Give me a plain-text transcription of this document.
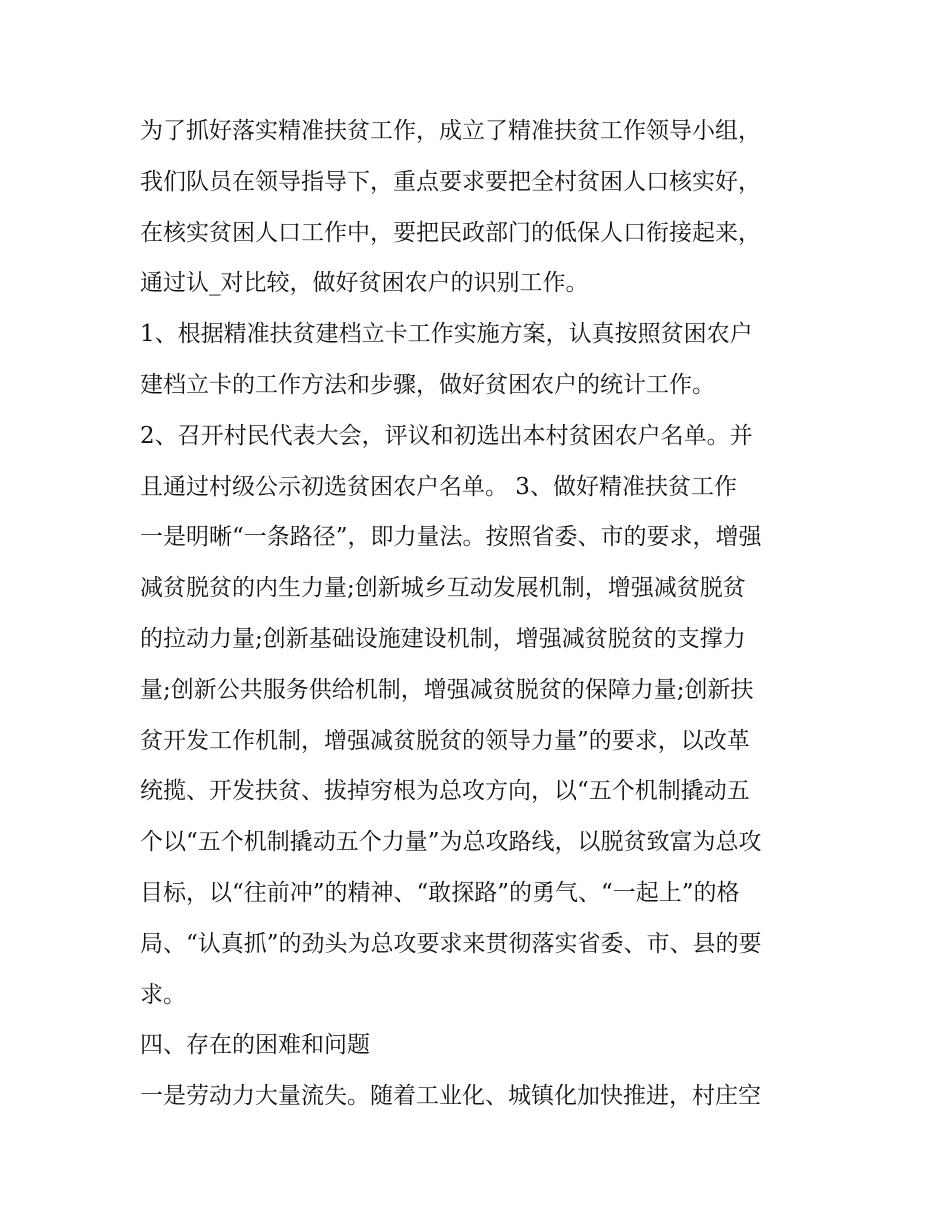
为了抓好落实精准扶贫工作，成立了精准扶贫工作领导小组，

我们队员在领导指导下，重点要求要把全村贫困人口核实好，

在核实贫困人口工作中，要把民政部门的低保人口衔接起来，

通过认_对比较，做好贫困农户的识别工作。

1、根据精准扶贫建档立卡工作实施方案，认真按照贫困农户

建档立卡的工作方法和步骤，做好贫困农户的统计工作。

2、召开村民代表大会，评议和初选出本村贫困农户名单。并

且通过村级公示初选贫困农户名单。 3、做好精准扶贫工作

一是明晰“一条路径”，即力量法。按照省委、市的要求，增强

减贫脱贫的内生力量;创新城乡互动发展机制，增强减贫脱贫

的拉动力量;创新基础设施建设机制，增强减贫脱贫的支撑力

量;创新公共服务供给机制，增强减贫脱贫的保障力量;创新扶

贫开发工作机制，增强减贫脱贫的领导力量”的要求，以改革

统揽、开发扶贫、拔掉穷根为总攻方向，以“五个机制撬动五

个以“五个机制撬动五个力量”为总攻路线，以脱贫致富为总攻

目标，以“往前冲”的精神、“敢探路”的勇气、“一起上”的格

局、“认真抓”的劲头为总攻要求来贯彻落实省委、市、县的要

求。

四、存在的困难和问题

一是劳动力大量流失。随着工业化、城镇化加快推进，村庄空
